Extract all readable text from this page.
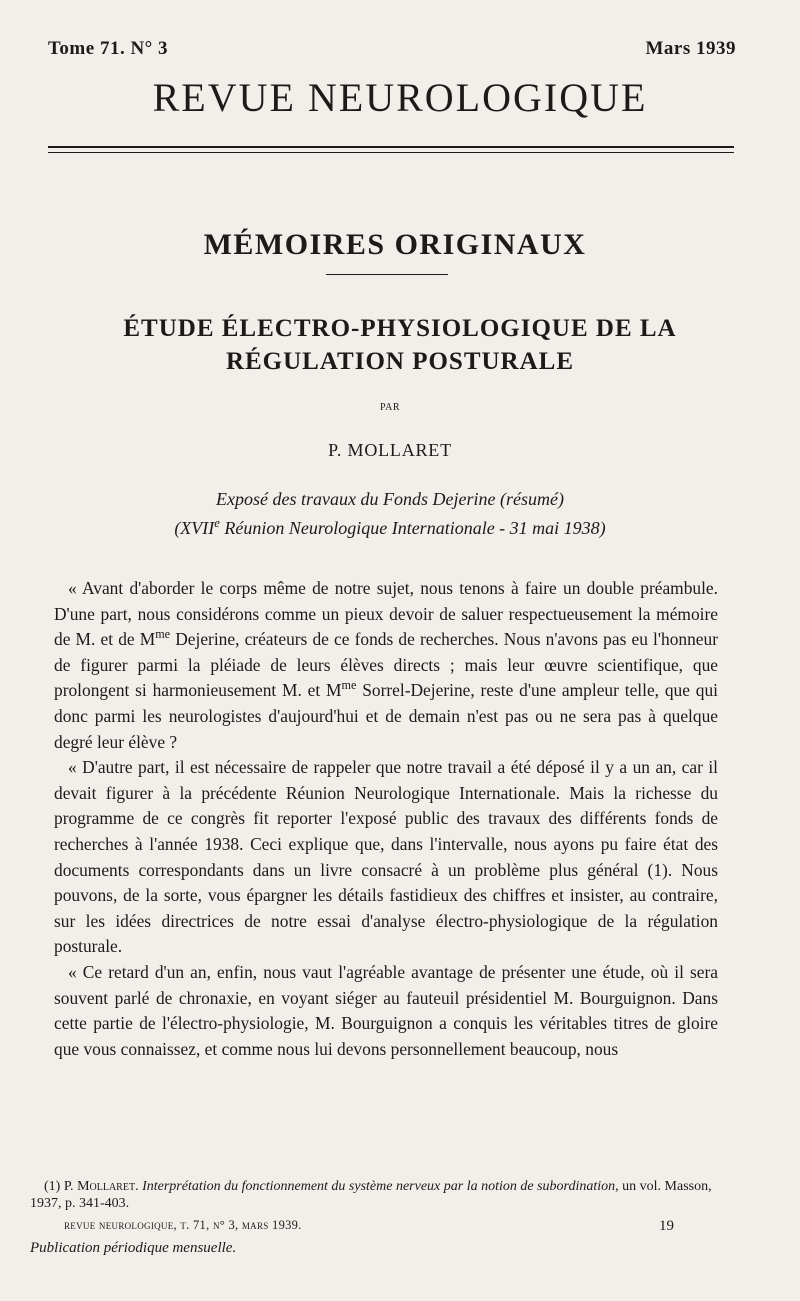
Tome 71. N° 3	Mars 1939
REVUE NEUROLOGIQUE
MÉMOIRES ORIGINAUX
ÉTUDE ÉLECTRO-PHYSIOLOGIQUE DE LA
RÉGULATION POSTURALE
PAR
P. MOLLARET
Exposé des travaux du Fonds Dejerine (résumé)
(XVIIe Réunion Neurologique Internationale - 31 mai 1938)

« Avant d'aborder le corps même de notre sujet, nous tenons à faire un double préambule. D'une part, nous considérons comme un pieux devoir de saluer respectueusement la mémoire de M. et de $M^{me}$ Dejerine, créateurs de ce fonds de recherches. Nous n'avons pas eu l'honneur de figurer parmi la pléiade de leurs élèves directs ; mais leur œuvre scientifique, que prolongent si harmonieusement M. et $M^{me}$ Sorrel-Dejerine, reste d'une ampleur telle, que qui donc parmi les neurologistes d'aujourd'hui et de demain n'est pas ou ne sera pas à quelque degré leur élève ?

« D'autre part, il est nécessaire de rappeler que notre travail a été déposé il y a un an, car il devait figurer à la précédente Réunion Neurologique Internationale. Mais la richesse du programme de ce congrès fit reporter l'exposé public des travaux des différents fonds de recherches à l'année 1938. Ceci explique que, dans l'intervalle, nous ayons pu faire état des documents correspondants dans un livre consacré à un problème plus général (1). Nous pouvons, de la sorte, vous épargner les détails fastidieux des chiffres et insister, au contraire, sur les idées directrices de notre essai d'analyse électro-physiologique de la régulation posturale.

« Ce retard d'un an, enfin, nous vaut l'agréable avantage de présenter une étude, où il sera souvent parlé de chronaxie, en voyant siéger au fauteuil présidentiel M. Bourguignon. Dans cette partie de l'électro-physiologie, M. Bourguignon a conquis les véritables titres de gloire que vous connaissez, et comme nous lui devons personnellement beaucoup, nous

(1) P. Mollaret. Interprétation du fonctionnement du système nerveux par la notion de subordination, un vol. Masson, 1937, p. 341-403.
revue neurologique, t. 71, n° 3, mars 1939.	19
Publication périodique mensuelle.
